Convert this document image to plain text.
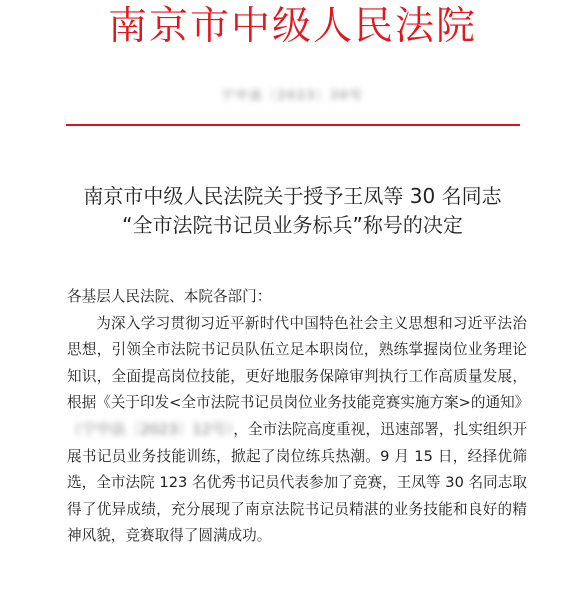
南京市中级人民法院
宁中法〔2023〕30号
南京市中级人民法院关于授予王凤等 30 名同志
“全市法院书记员业务标兵”称号的决定
各基层人民法院、本院各部门：
为深入学习贯彻习近平新时代中国特色社会主义思想和习近平法治思想，引领全市法院书记员队伍立足本职岗位，熟练掌握岗位业务理论知识，全面提高岗位技能，更好地服务保障审判执行工作高质量发展，根据《关于印发<全市法院书记员岗位业务技能竞赛实施方案>的通知》（宁中法〔2023〕12号），全市法院高度重视，迅速部署，扎实组织开展书记员业务技能训练，掀起了岗位练兵热潮。9 月 15 日，经择优筛选，全市法院 123 名优秀书记员代表参加了竞赛，王凤等 30 名同志取得了优异成绩，充分展现了南京法院书记员精湛的业务技能和良好的精神风貌，竞赛取得了圆满成功。
